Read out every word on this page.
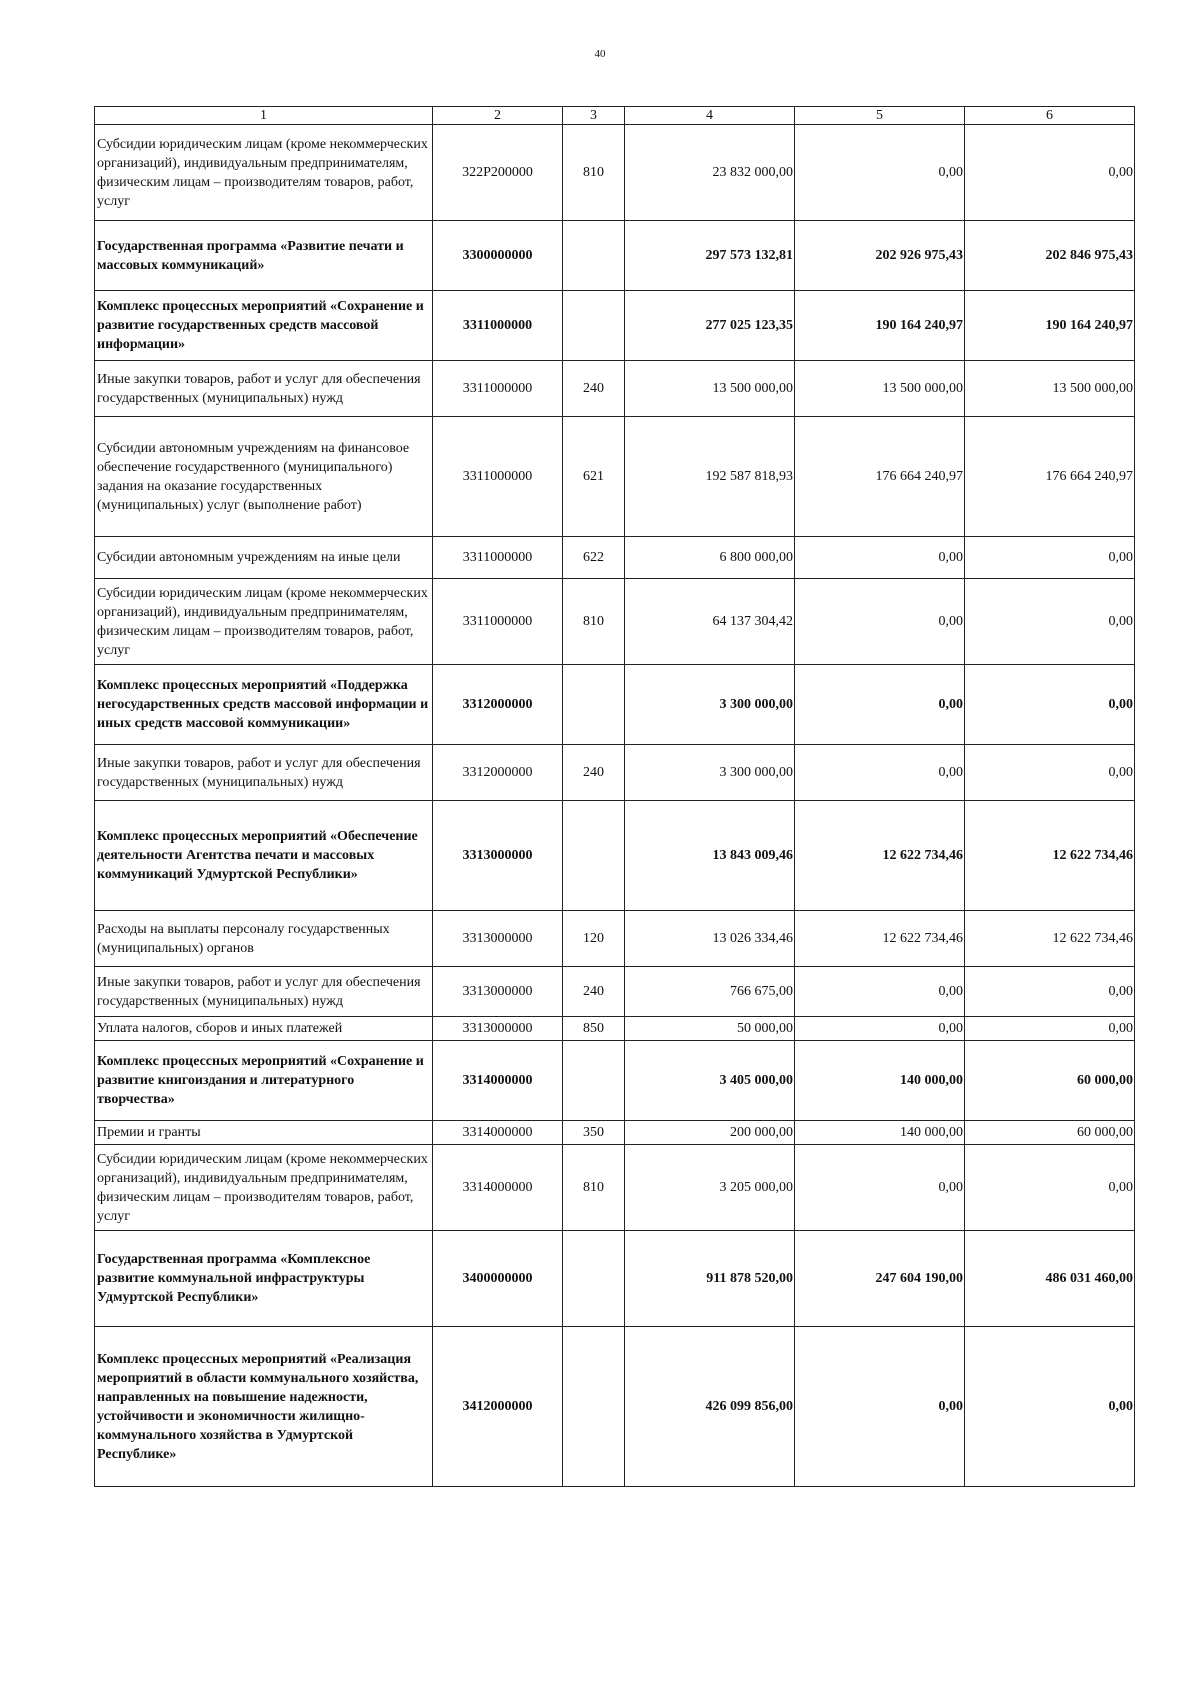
40
1	2	3	4	5	6
Субсидии юридическим лицам (кроме некоммерческих организаций), индивидуальным предпринимателям, физическим лицам – производителям товаров, работ, услуг	322P200000	810	23 832 000,00	0,00	0,00
Государственная программа «Развитие печати и массовых коммуникаций»	3300000000		297 573 132,81	202 926 975,43	202 846 975,43
Комплекс процессных мероприятий «Сохранение и развитие государственных средств массовой информации»	3311000000		277 025 123,35	190 164 240,97	190 164 240,97
Иные закупки товаров, работ и услуг для обеспечения государственных (муниципальных) нужд	3311000000	240	13 500 000,00	13 500 000,00	13 500 000,00
Субсидии автономным учреждениям на финансовое обеспечение государственного (муниципального) задания на оказание государственных (муниципальных) услуг (выполнение работ)	3311000000	621	192 587 818,93	176 664 240,97	176 664 240,97
Субсидии автономным учреждениям на иные цели	3311000000	622	6 800 000,00	0,00	0,00
Субсидии юридическим лицам (кроме некоммерческих организаций), индивидуальным предпринимателям, физическим лицам – производителям товаров, работ, услуг	3311000000	810	64 137 304,42	0,00	0,00
Комплекс процессных мероприятий «Поддержка негосударственных средств массовой информации и иных средств массовой коммуникации»	3312000000		3 300 000,00	0,00	0,00
Иные закупки товаров, работ и услуг для обеспечения государственных (муниципальных) нужд	3312000000	240	3 300 000,00	0,00	0,00
Комплекс процессных мероприятий «Обеспечение деятельности Агентства печати и массовых коммуникаций Удмуртской Республики»	3313000000		13 843 009,46	12 622 734,46	12 622 734,46
Расходы на выплаты персоналу государственных (муниципальных) органов	3313000000	120	13 026 334,46	12 622 734,46	12 622 734,46
Иные закупки товаров, работ и услуг для обеспечения государственных (муниципальных) нужд	3313000000	240	766 675,00	0,00	0,00
Уплата налогов, сборов и иных платежей	3313000000	850	50 000,00	0,00	0,00
Комплекс процессных мероприятий «Сохранение и развитие книгоиздания и литературного творчества»	3314000000		3 405 000,00	140 000,00	60 000,00
Премии и гранты	3314000000	350	200 000,00	140 000,00	60 000,00
Субсидии юридическим лицам (кроме некоммерческих организаций), индивидуальным предпринимателям, физическим лицам – производителям товаров, работ, услуг	3314000000	810	3 205 000,00	0,00	0,00
Государственная программа «Комплексное развитие коммунальной инфраструктуры Удмуртской Республики»	3400000000		911 878 520,00	247 604 190,00	486 031 460,00
Комплекс процессных мероприятий «Реализация мероприятий в области коммунального хозяйства, направленных на повышение надежности, устойчивости и экономичности жилищно-коммунального хозяйства в Удмуртской Республике»	3412000000		426 099 856,00	0,00	0,00
